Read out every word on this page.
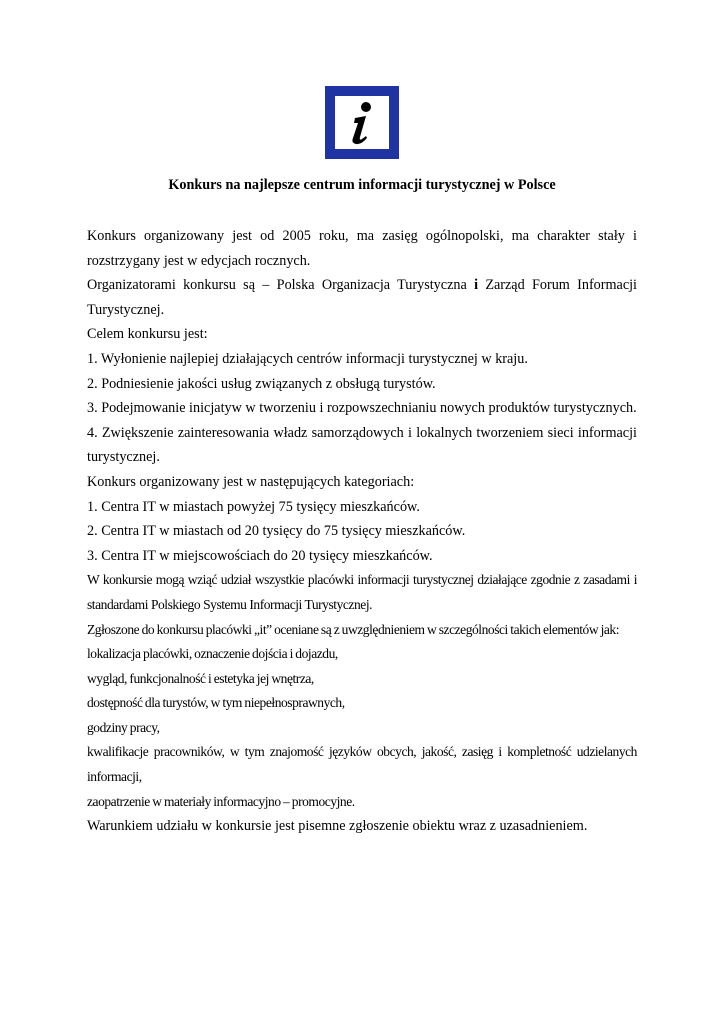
Konkurs na najlepsze centrum informacji turystycznej w Polsce

Konkurs organizowany jest od 2005 roku, ma zasięg ogólnopolski, ma charakter stały i rozstrzygany jest w edycjach rocznych.

Organizatorami konkursu są – Polska Organizacja Turystyczna i Zarząd Forum Informacji Turystycznej.

Celem konkursu jest:

1. Wyłonienie najlepiej działających centrów informacji turystycznej w kraju.

2. Podniesienie jakości usług związanych z obsługą turystów.

3. Podejmowanie inicjatyw w tworzeniu i rozpowszechnianiu nowych produktów turystycznych.

4. Zwiększenie zainteresowania władz samorządowych i lokalnych tworzeniem sieci informacji turystycznej.

Konkurs organizowany jest w następujących kategoriach:

1. Centra IT w miastach powyżej 75 tysięcy mieszkańców.

2. Centra IT w miastach od 20 tysięcy do 75 tysięcy mieszkańców.

3. Centra IT w miejscowościach do 20 tysięcy mieszkańców.

W konkursie mogą wziąć udział wszystkie placówki informacji turystycznej działające zgodnie z zasadami i standardami Polskiego Systemu Informacji Turystycznej.

Zgłoszone do konkursu placówki „it” oceniane są z uwzględnieniem w szczególności takich elementów jak:

lokalizacja placówki, oznaczenie dojścia i dojazdu,

wygląd, funkcjonalność i estetyka jej wnętrza,

dostępność dla turystów, w tym niepełnosprawnych,

godziny pracy,

kwalifikacje pracowników, w tym znajomość języków obcych, jakość, zasięg i kompletność udzielanych informacji,

zaopatrzenie w materiały informacyjno – promocyjne.

Warunkiem udziału w konkursie jest pisemne zgłoszenie obiektu wraz z uzasadnieniem.
